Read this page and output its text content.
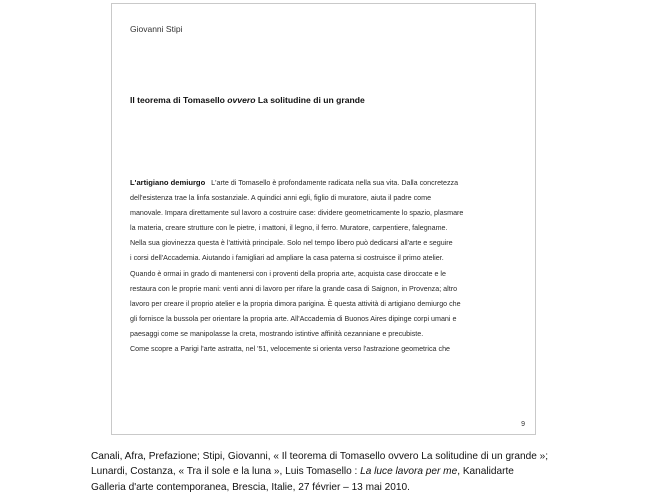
Giovanni Stipi
Il teorema di Tomasello ovvero La solitudine di un grande
L'artigiano demiurgo L'arte di Tomasello è profondamente radicata nella sua vita. Dalla concretezza
dell'esistenza trae la linfa sostanziale. A quindici anni egli, figlio di muratore, aiuta il padre come
manovale. Impara direttamente sul lavoro a costruire case: dividere geometricamente lo spazio, plasmare
la materia, creare strutture con le pietre, i mattoni, il legno, il ferro. Muratore, carpentiere, falegname.
Nella sua giovinezza questa è l'attività principale. Solo nel tempo libero può dedicarsi all'arte e seguire
i corsi dell'Accademia. Aiutando i famigliari ad ampliare la casa paterna si costruisce il primo atelier.
Quando è ormai in grado di mantenersi con i proventi della propria arte, acquista case diroccate e le
restaura con le proprie mani: venti anni di lavoro per rifare la grande casa di Saignon, in Provenza; altro
lavoro per creare il proprio atelier e la propria dimora parigina. È questa attività di artigiano demiurgo che
gli fornisce la bussola per orientare la propria arte. All'Accademia di Buonos Aires dipinge corpi umani e
paesaggi come se manipolasse la creta, mostrando istintive affinità cezanniane e precubiste.
Come scopre a Parigi l'arte astratta, nel '51, velocemente si orienta verso l'astrazione geometrica che
9
Canali, Afra, Prefazione; Stipi, Giovanni, « Il teorema di Tomasello ovvero La solitudine di un grande »;
Lunardi, Costanza, « Tra il sole e la luna », Luis Tomasello : La luce lavora per me, Kanalidarte
Galleria d'arte contemporanea, Brescia, Italie, 27 février – 13 mai 2010.
